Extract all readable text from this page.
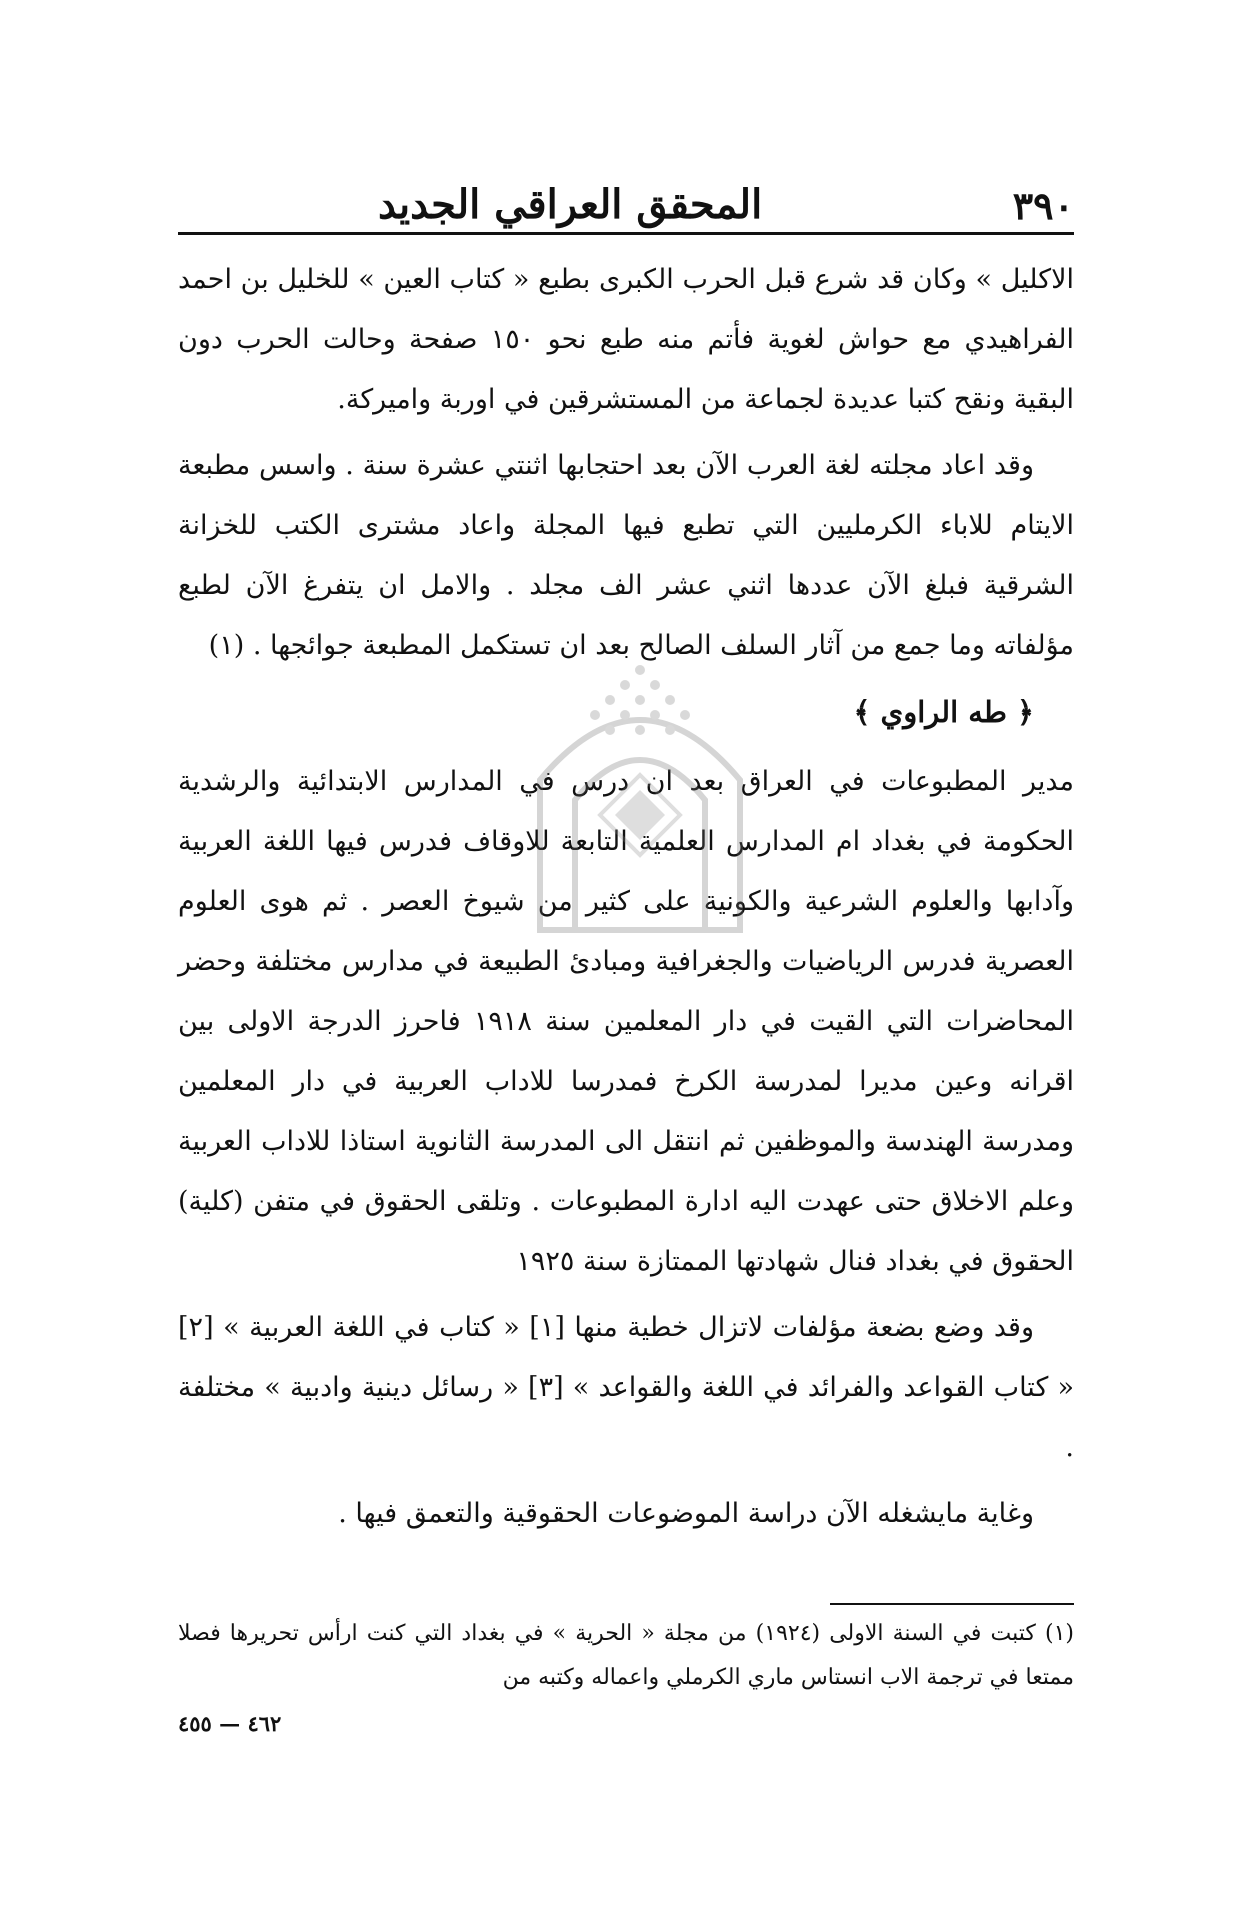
٣٩٠
المحقق العراقي الجديد

الاكليل » وكان قد شرع قبل الحرب الكبرى بطبع « كتاب العين » للخليل بن احمد الفراهيدي مع حواش لغوية فأتم منه طبع نحو ١٥٠ صفحة وحالت الحرب دون البقية ونقح كتبا عديدة لجماعة من المستشرقين في اوربة واميركة.

وقد اعاد مجلته لغة العرب الآن بعد احتجابها اثنتي عشرة سنة . واسس مطبعة الايتام للاباء الكرمليين التي تطبع فيها المجلة واعاد مشترى الكتب للخزانة الشرقية فبلغ الآن عددها اثني عشر الف مجلد . والامل ان يتفرغ الآن لطبع مؤلفاته وما جمع من آثار السلف الصالح بعد ان تستكمل المطبعة جوائجها . (١)

﴿ طه الراوي ﴾

مدير المطبوعات في العراق بعد ان درس في المدارس الابتدائية والرشدية الحكومة في بغداد ام المدارس العلمية التابعة للاوقاف فدرس فيها اللغة العربية وآدابها والعلوم الشرعية والكونية على كثير من شيوخ العصر . ثم هوى العلوم العصرية فدرس الرياضيات والجغرافية ومبادئ الطبيعة في مدارس مختلفة وحضر المحاضرات التي القيت في دار المعلمين سنة ١٩١٨ فاحرز الدرجة الاولى بين اقرانه وعين مديرا لمدرسة الكرخ فمدرسا للاداب العربية في دار المعلمين ومدرسة الهندسة والموظفين ثم انتقل الى المدرسة الثانوية استاذا للاداب العربية وعلم الاخلاق حتى عهدت اليه ادارة المطبوعات . وتلقى الحقوق في متفن (كلية) الحقوق في بغداد فنال شهادتها الممتازة سنة ١٩٢٥

وقد وضع بضعة مؤلفات لاتزال خطية منها [١] « كتاب في اللغة العربية » [٢] « كتاب القواعد والفرائد في اللغة والقواعد » [٣] « رسائل دينية وادبية » مختلفة .

وغاية مايشغله الآن دراسة الموضوعات الحقوقية والتعمق فيها .

(١) كتبت في السنة الاولى (١٩٢٤) من مجلة « الحرية » في بغداد التي كنت ارأس تحريرها فصلا ممتعا في ترجمة الاب انستاس ماري الكرملي واعماله وكتبه من

٤٦٢ — ٤٥٥
